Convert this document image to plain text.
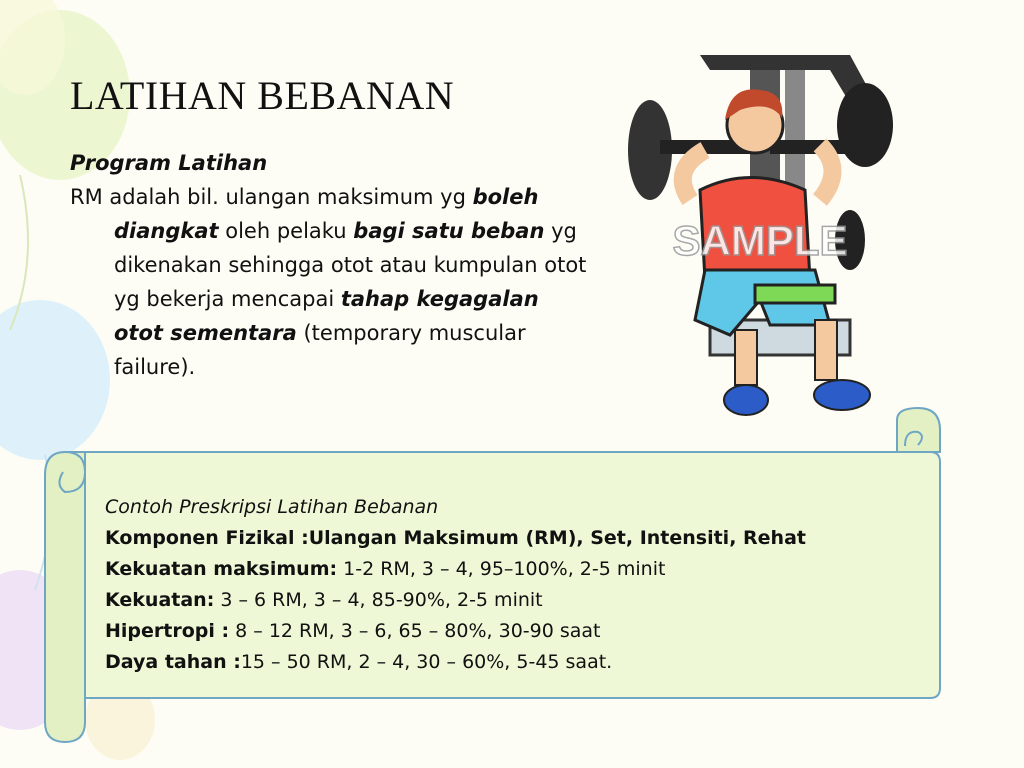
LATIHAN BEBANAN
Program Latihan
RM adalah bil. ulangan maksimum yg boleh diangkat oleh pelaku bagi satu beban yg dikenakan sehingga otot atau kumpulan otot yg bekerja mencapai tahap kegagalan otot sementara (temporary muscular failure).
SAMPLE
Contoh Preskripsi Latihan Bebanan
Komponen Fizikal :Ulangan Maksimum (RM), Set, Intensiti, Rehat
Kekuatan maksimum: 1-2 RM, 3 – 4, 95–100%, 2-5 minit
Kekuatan: 3 – 6 RM, 3 – 4, 85-90%, 2-5 minit
Hipertropi : 8 – 12 RM, 3 – 6, 65 – 80%, 30-90 saat
Daya tahan :15 – 50 RM, 2 – 4, 30 – 60%, 5-45 saat.
